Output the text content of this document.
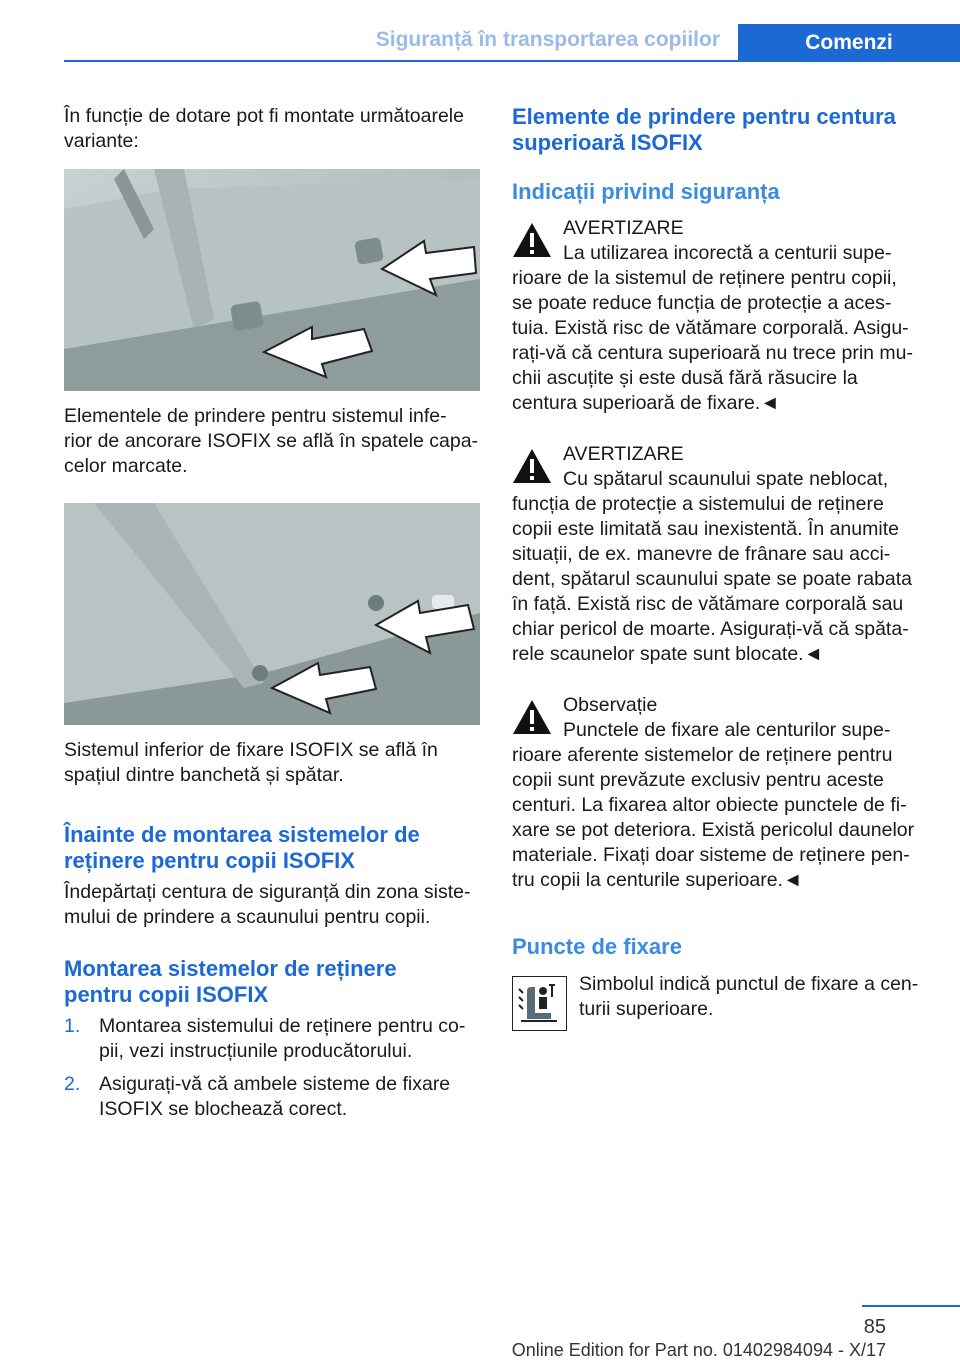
Siguranță în transportarea copiilor	Comenzi

În funcție de dotare pot fi montate următoarele variante:

Elementele de prindere pentru sistemul infe-

rior de ancorare ISOFIX se află în spatele capa-

celor marcate.

Sistemul inferior de fixare ISOFIX se află în

spațiul dintre banchetă și spătar.

Înainte de montarea sistemelor de
reținere pentru copii ISOFIX

Îndepărtați centura de siguranță din zona siste-

mului de prindere a scaunului pentru copii.

Montarea sistemelor de reținere
pentru copii ISOFIX
1. Montarea sistemului de reținere pentru co-

pii, vezi instrucțiunile producătorului.

2. Asigurați-vă că ambele sisteme de fixare

ISOFIX se blochează corect.

Elemente de prindere pentru centura
superioară ISOFIX
Indicații privind siguranța

AVERTIZARE

La utilizarea incorectă a centurii supe-

rioare de la sistemul de reținere pentru copii,

se poate reduce funcția de protecție a aces-

tuia. Există risc de vătămare corporală. Asigu-

rați-vă că centura superioară nu trece prin mu-

chii ascuțite și este dusă fără răsucire la

centura superioară de fixare.◄

AVERTIZARE

Cu spătarul scaunului spate neblocat,

funcția de protecție a sistemului de reținere

copii este limitată sau inexistentă. În anumite

situații, de ex. manevre de frânare sau acci-

dent, spătarul scaunului spate se poate rabata

în față. Există risc de vătămare corporală sau

chiar pericol de moarte. Asigurați-vă că spăta-

rele scaunelor spate sunt blocate.◄

Observație

Punctele de fixare ale centurilor supe-

rioare aferente sistemelor de reținere pentru

copii sunt prevăzute exclusiv pentru aceste

centuri. La fixarea altor obiecte punctele de fi-

xare se pot deteriora. Există pericolul daunelor

materiale. Fixați doar sisteme de reținere pen-

tru copii la centurile superioare.◄

Puncte de fixare

Simbolul indică punctul de fixare a cen-

turii superioare.

85
Online Edition for Part no. 01402984094 - X/17
